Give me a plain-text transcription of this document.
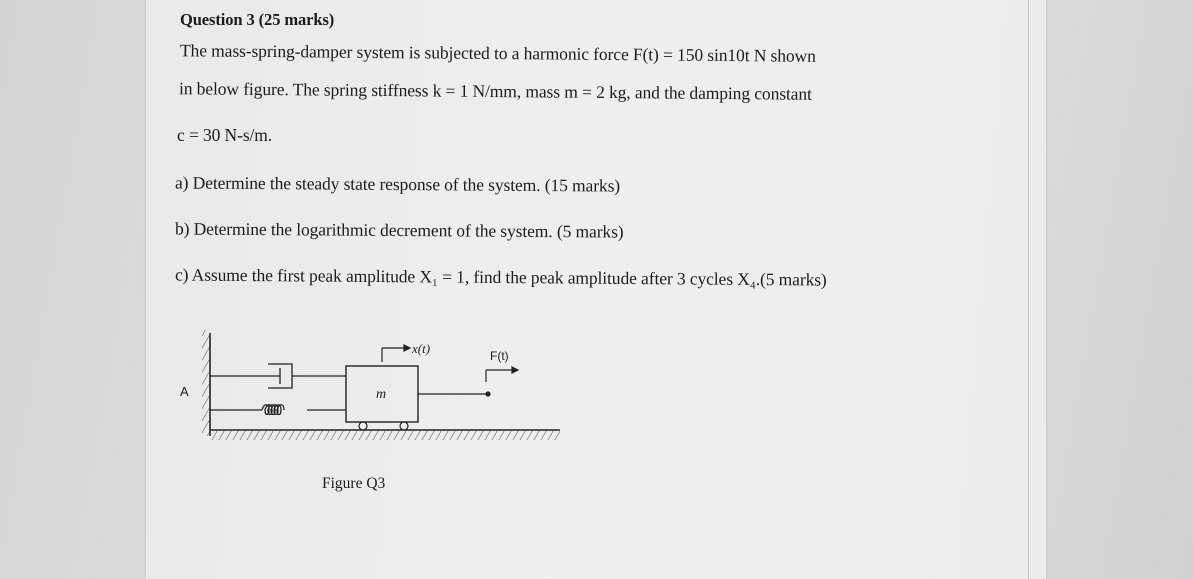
Question 3 (25 marks)
The mass-spring-damper system is subjected to a harmonic force F(t) = 150 sin10t N shown
in below figure. The spring stiffness k = 1 N/mm, mass m = 2 kg, and the damping constant
c = 30 N-s/m.
a) Determine the steady state response of the system. (15 marks)
b) Determine the logarithmic decrement of the system. (5 marks)
c) Assume the first peak amplitude X₁ = 1, find the peak amplitude after 3 cycles X₄.(5 marks)
A	m
x(t)	F(t)
Figure Q3
